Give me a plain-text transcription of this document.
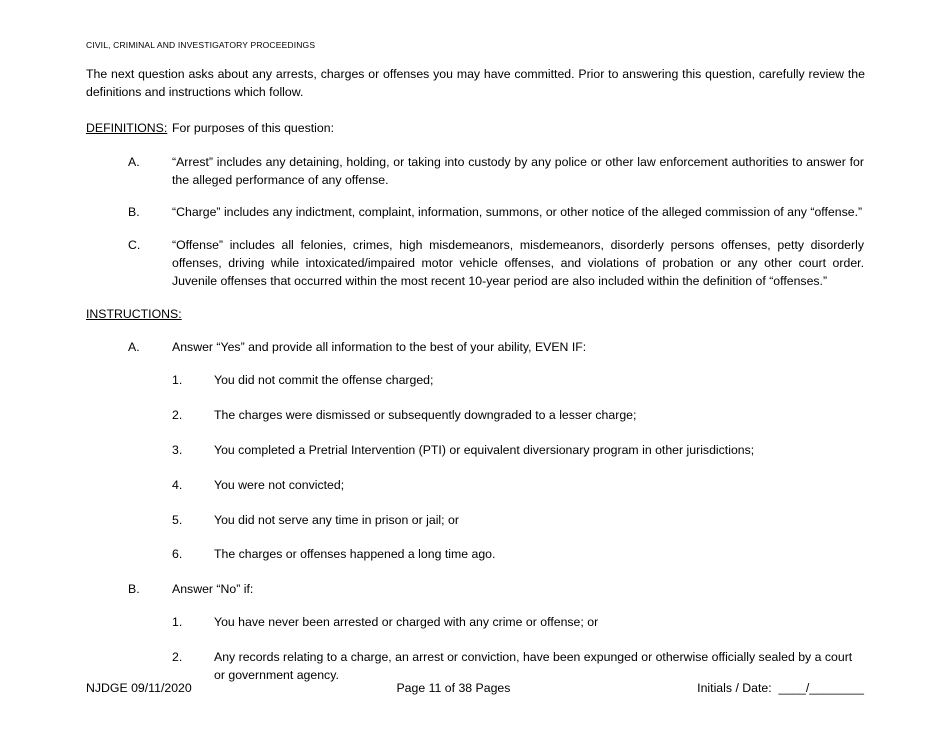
CIVIL, CRIMINAL AND INVESTIGATORY PROCEEDINGS

The next question asks about any arrests, charges or offenses you may have committed. Prior to answering this question, carefully review the definitions and instructions which follow.

DEFINITIONS: For purposes of this question:
A.	“Arrest” includes any detaining, holding, or taking into custody by any police or other law enforcement authorities to answer for the alleged performance of any offense.
B.	“Charge” includes any indictment, complaint, information, summons, or other notice of the alleged commission of any “offense.”
C.	“Offense” includes all felonies, crimes, high misdemeanors, misdemeanors, disorderly persons offenses, petty disorderly offenses, driving while intoxicated/impaired motor vehicle offenses, and violations of probation or any other court order. Juvenile offenses that occurred within the most recent 10-year period are also included within the definition of “offenses.”
INSTRUCTIONS:
A.	Answer “Yes” and provide all information to the best of your ability, EVEN IF:
1.	You did not commit the offense charged;
2.	The charges were dismissed or subsequently downgraded to a lesser charge;
3.	You completed a Pretrial Intervention (PTI) or equivalent diversionary program in other jurisdictions;
4.	You were not convicted;
5.	You did not serve any time in prison or jail; or
6.	The charges or offenses happened a long time ago.
B.	Answer “No” if:
1.	You have never been arrested or charged with any crime or offense; or
2.	Any records relating to a charge, an arrest or conviction, have been expunged or otherwise officially sealed by a court or government agency.
NJDGE 09/11/2020	Page 11 of 38 Pages	Initials / Date:  ____/________
